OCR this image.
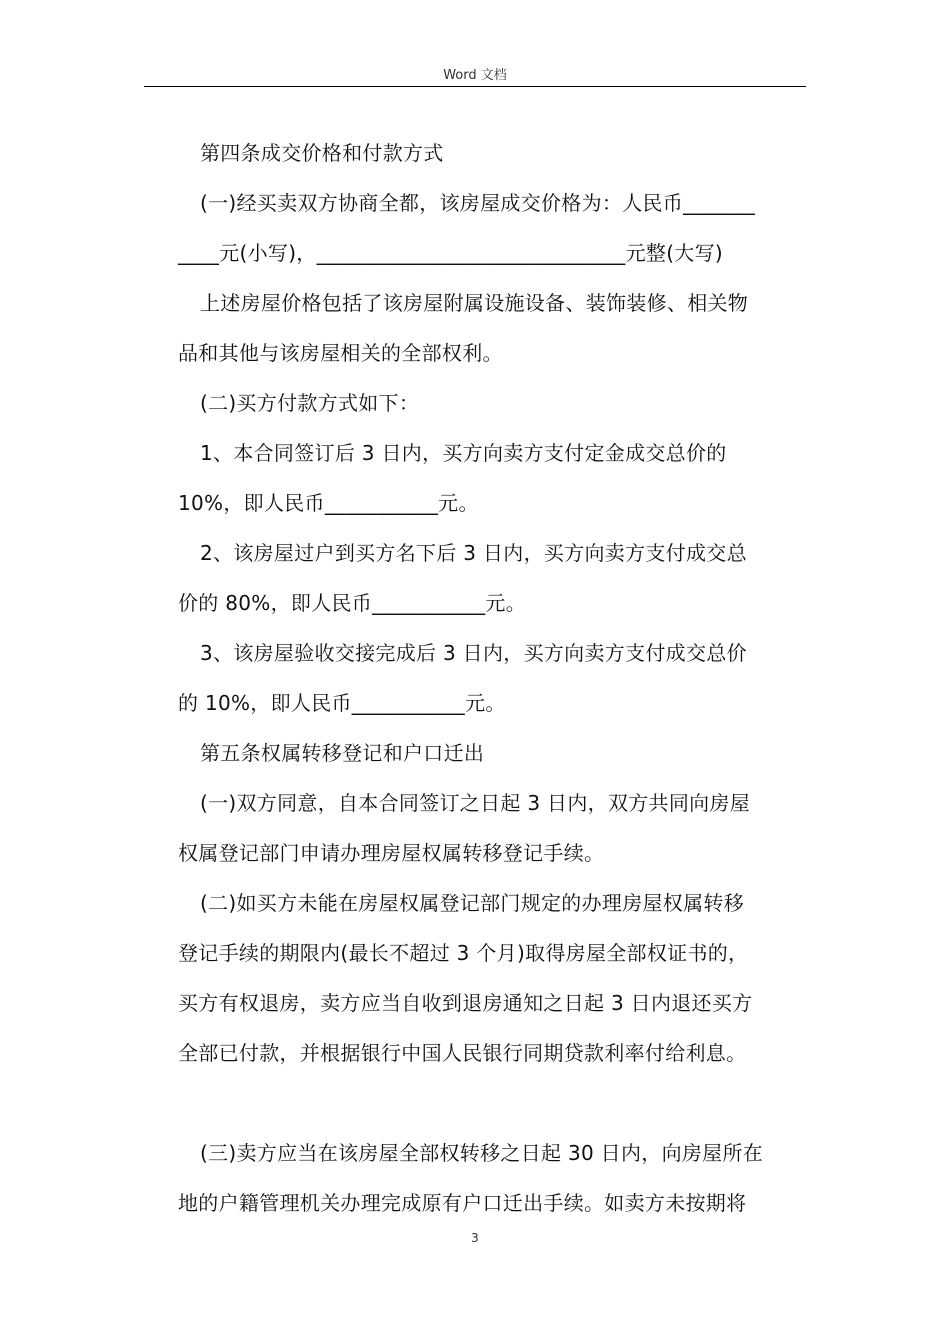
Word 文档

第四条成交价格和付款方式

(一)经买卖双方协商全都，该房屋成交价格为：人民币_______

____元(小写)，______________________________元整(大写)

上述房屋价格包括了该房屋附属设施设备、装饰装修、相关物

品和其他与该房屋相关的全部权利。

(二)买方付款方式如下：

1、本合同签订后 3 日内，买方向卖方支付定金成交总价的

10%，即人民币___________元。

2、该房屋过户到买方名下后 3 日内，买方向卖方支付成交总

价的 80%，即人民币___________元。

3、该房屋验收交接完成后 3 日内，买方向卖方支付成交总价

的 10%，即人民币___________元。

第五条权属转移登记和户口迁出

(一)双方同意，自本合同签订之日起 3 日内，双方共同向房屋

权属登记部门申请办理房屋权属转移登记手续。

(二)如买方未能在房屋权属登记部门规定的办理房屋权属转移

登记手续的期限内(最长不超过 3 个月)取得房屋全部权证书的，

买方有权退房，卖方应当自收到退房通知之日起 3 日内退还买方

全部已付款，并根据银行中国人民银行同期贷款利率付给利息。

(三)卖方应当在该房屋全部权转移之日起 30 日内，向房屋所在

地的户籍管理机关办理完成原有户口迁出手续。如卖方未按期将

3
